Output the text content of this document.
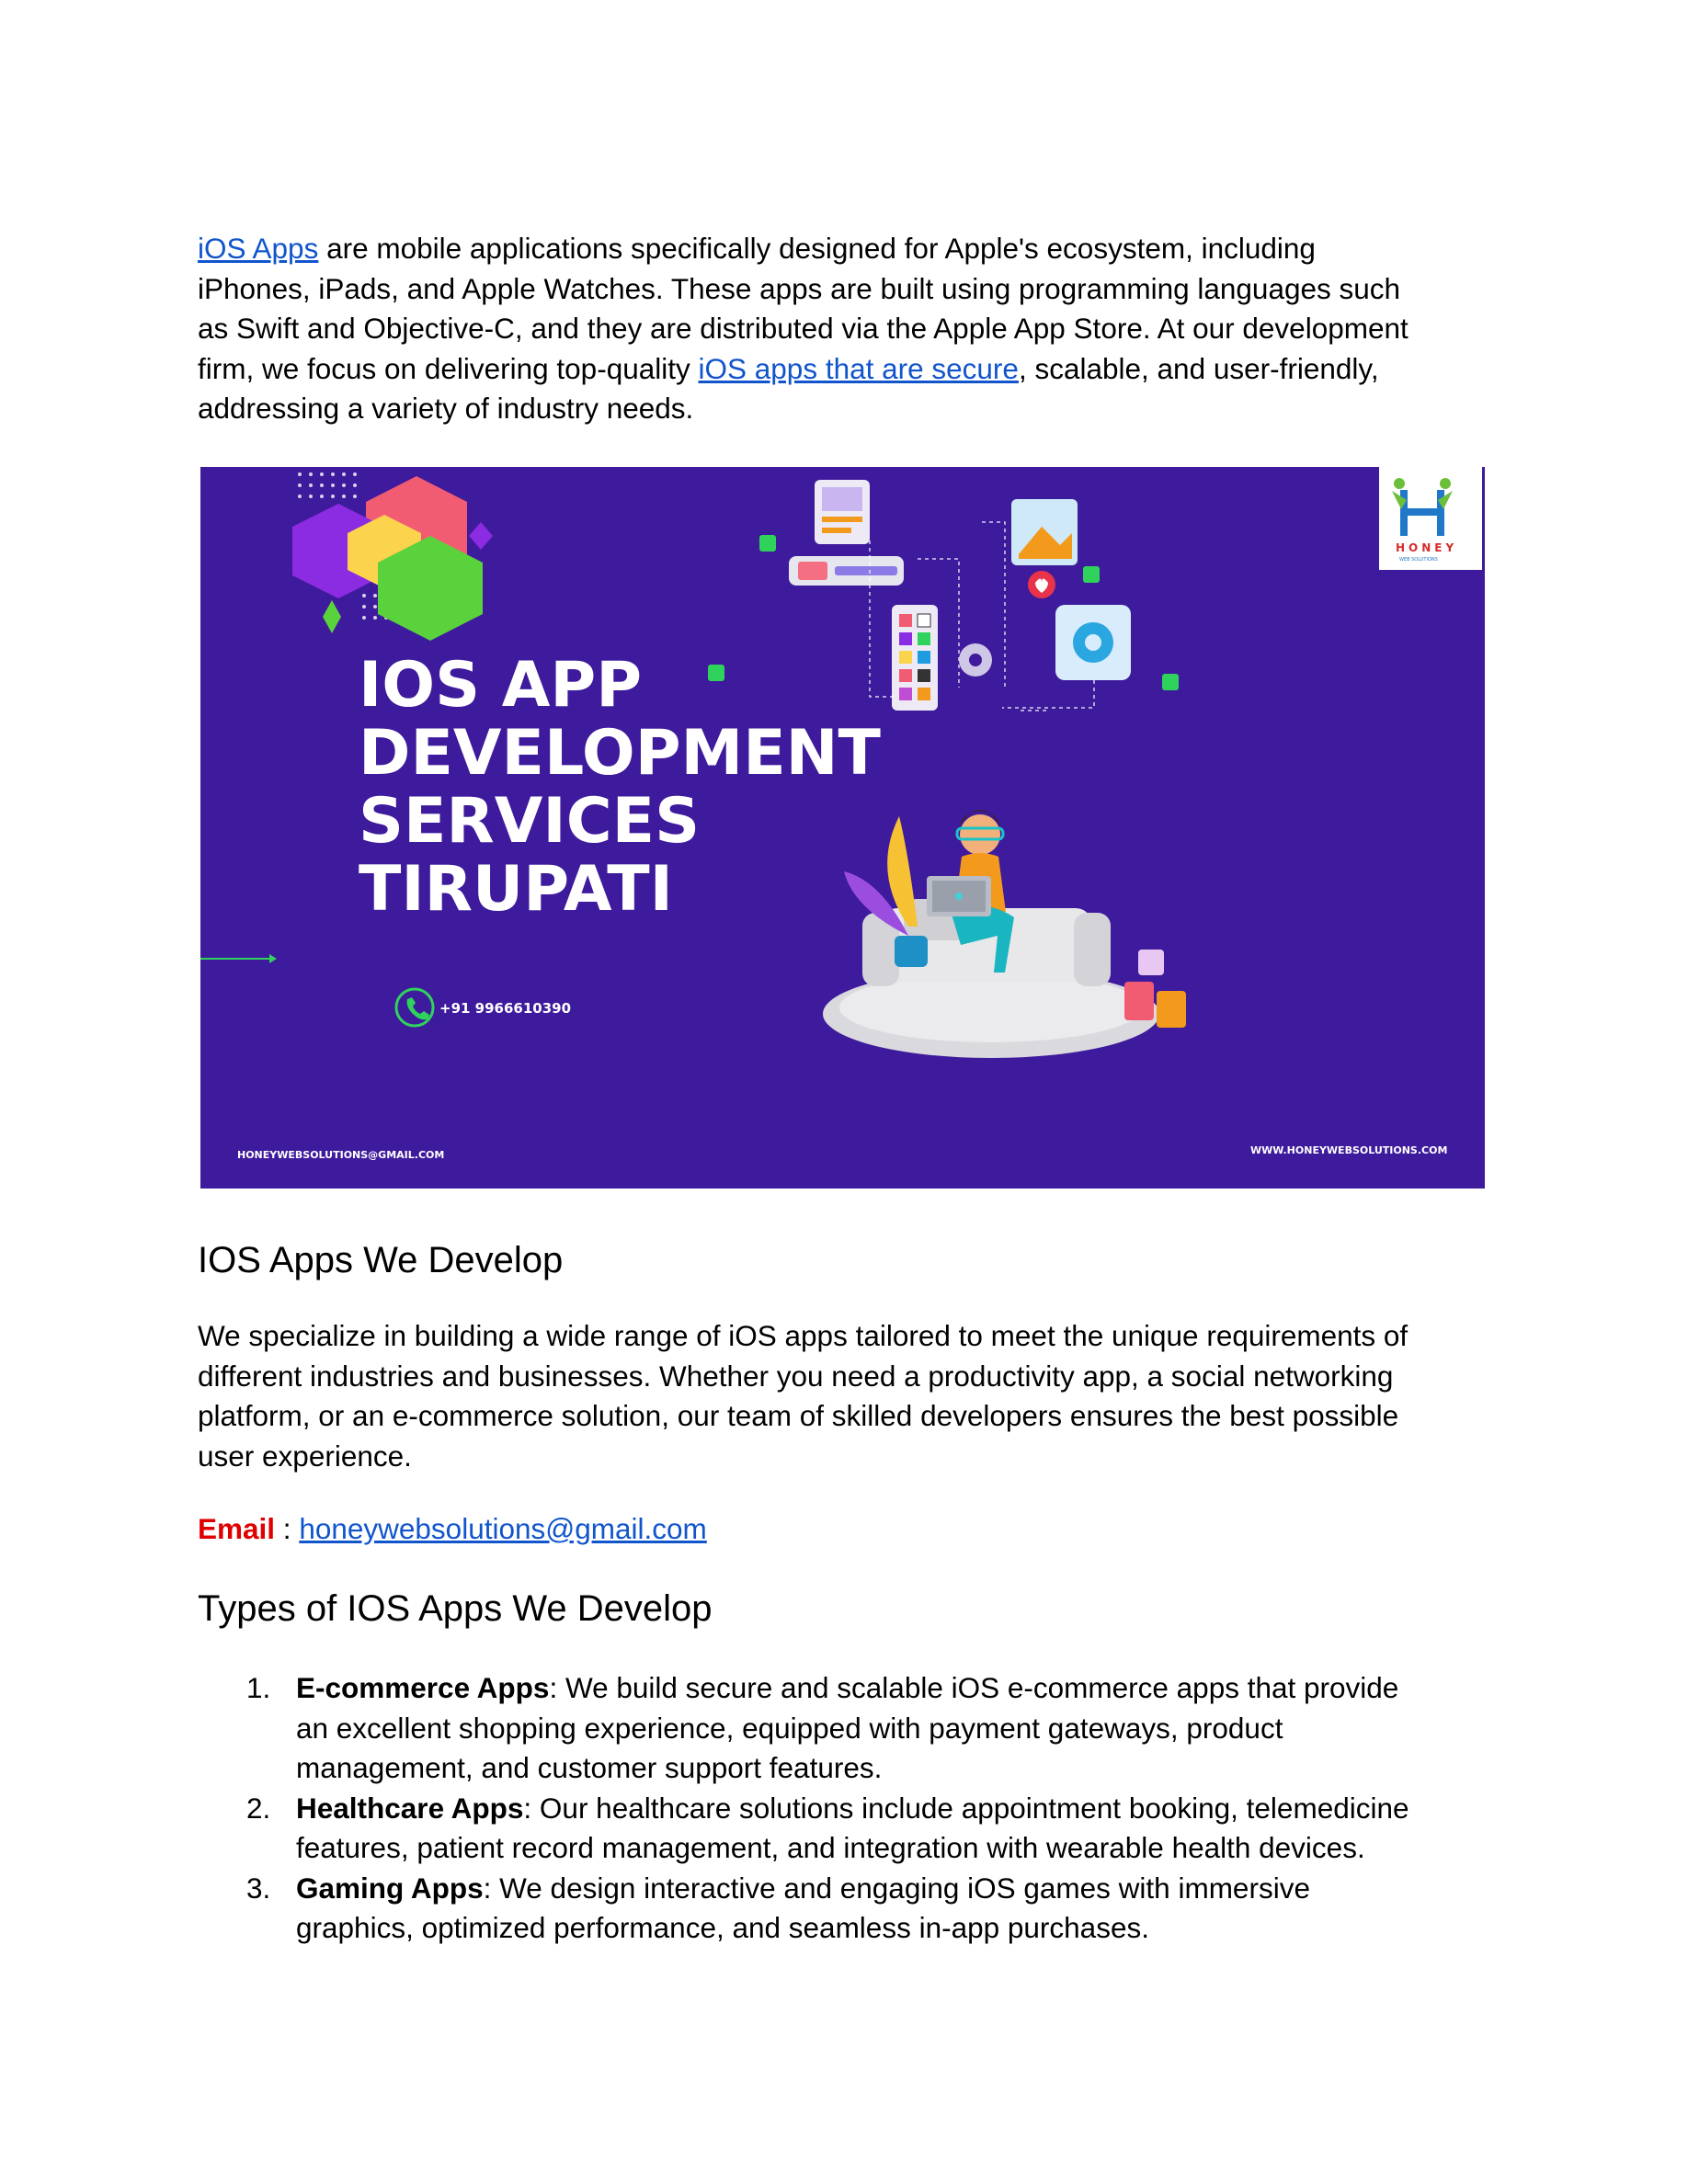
iOS Apps are mobile applications specifically designed for Apple's ecosystem, including
iPhones, iPads, and Apple Watches. These apps are built using programming languages such
as Swift and Objective-C, and they are distributed via the Apple App Store. At our development
firm, we focus on delivering top-quality iOS apps that are secure, scalable, and user-friendly,
addressing a variety of industry needs.

IOS APP
DEVELOPMENT
SERVICES
TIRUPATI
+91 9966610390
HONEYWEBSOLUTIONS@GMAIL.COM	WWW.HONEYWEBSOLUTIONS.COM
HONEY
WEB SOLUTIONS
IOS Apps We Develop

We specialize in building a wide range of iOS apps tailored to meet the unique requirements of
different industries and businesses. Whether you need a productivity app, a social networking
platform, or an e-commerce solution, our team of skilled developers ensures the best possible
user experience.

Email : honeywebsolutions@gmail.com

Types of IOS Apps We Develop
1. E-commerce Apps: We build secure and scalable iOS e-commerce apps that provide
an excellent shopping experience, equipped with payment gateways, product
management, and customer support features.
2. Healthcare Apps: Our healthcare solutions include appointment booking, telemedicine
features, patient record management, and integration with wearable health devices.
3. Gaming Apps: We design interactive and engaging iOS games with immersive
graphics, optimized performance, and seamless in-app purchases.
